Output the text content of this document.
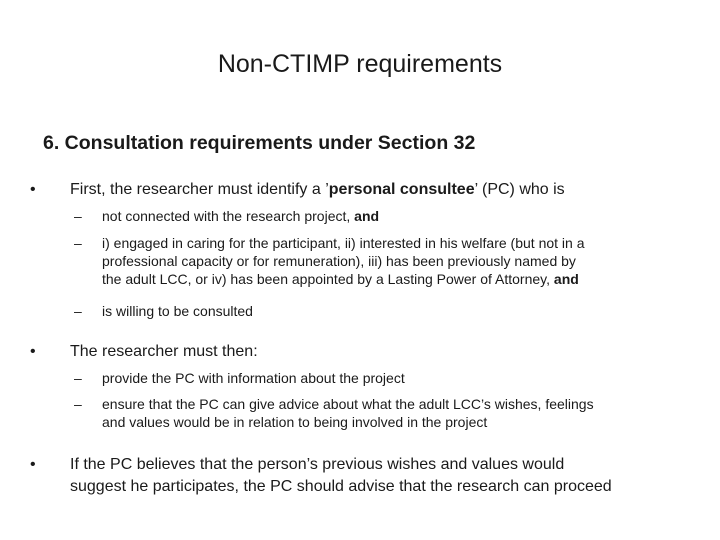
Non-CTIMP requirements
6. Consultation requirements under Section 32
• First, the researcher must identify a ’personal consultee’ (PC) who is
– not connected with the research project, and
– i) engaged in caring for the participant, ii) interested in his welfare (but not in a
professional capacity or for remuneration), iii) has been previously named by
the adult LCC, or iv) has been appointed by a Lasting Power of Attorney, and
– is willing to be consulted
• The researcher must then:
– provide the PC with information about the project
– ensure that the PC can give advice about what the adult LCC’s wishes, feelings
and values would be in relation to being involved in the project
• If the PC believes that the person’s previous wishes and values would
suggest he participates, the PC should advise that the research can proceed
